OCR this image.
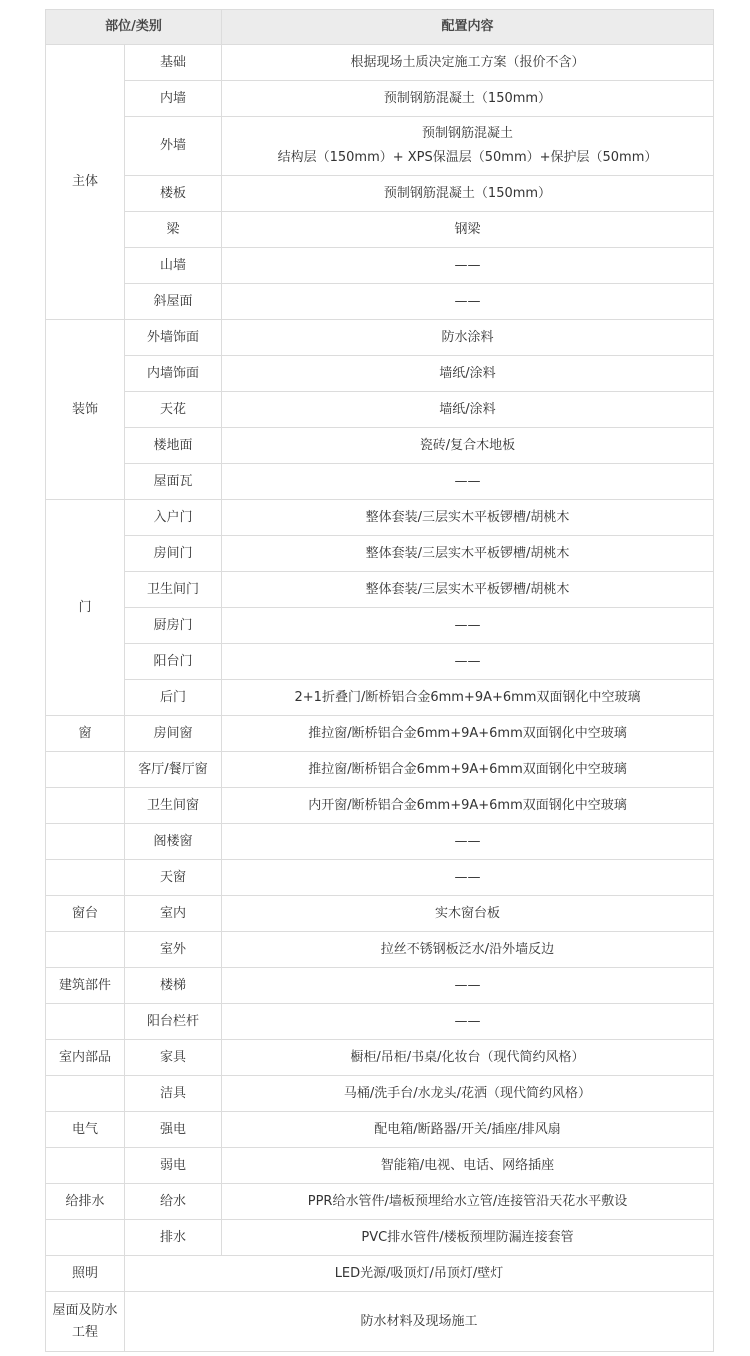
部位/类别		配置内容
主体	基础	根据现场土质决定施工方案（报价不含）
	内墙	预制钢筋混凝土（150mm）
	外墙	预制钢筋混凝土
结构层（150mm）+ XPS保温层（50mm）+保护层（50mm）

	楼板	预制钢筋混凝土（150mm）
	梁	钢梁
	山墙	——
	斜屋面	——
装饰	外墙饰面	防水涂料
	内墙饰面	墙纸/涂料
	天花	墙纸/涂料
	楼地面	瓷砖/复合木地板
	屋面瓦	——
门	入户门	整体套装/三层实木平板锣槽/胡桃木
	房间门	整体套装/三层实木平板锣槽/胡桃木
	卫生间门	整体套装/三层实木平板锣槽/胡桃木
	厨房门	——
	阳台门	——
	后门	2+1折叠门/断桥铝合金6mm+9A+6mm双面钢化中空玻璃
窗	房间窗	推拉窗/断桥铝合金6mm+9A+6mm双面钢化中空玻璃
	客厅/餐厅窗	推拉窗/断桥铝合金6mm+9A+6mm双面钢化中空玻璃
	卫生间窗	内开窗/断桥铝合金6mm+9A+6mm双面钢化中空玻璃
	阁楼窗	——
	天窗	——
窗台	室内	实木窗台板
	室外	拉丝不锈钢板泛水/沿外墙反边
建筑部件	楼梯	——
	阳台栏杆	——
室内部品	家具	橱柜/吊柜/书桌/化妆台（现代简约风格）
	洁具	马桶/洗手台/水龙头/花洒（现代简约风格）
电气	强电	配电箱/断路器/开关/插座/排风扇
	弱电	智能箱/电视、电话、网络插座
给排水	给水	PPR给水管件/墙板预埋给水立管/连接管沿天花水平敷设
	排水	PVC排水管件/楼板预埋防漏连接套管
照明	LED光源/吸顶灯/吊顶灯/壁灯	
屋面及防水工程	防水材料及现场施工	
